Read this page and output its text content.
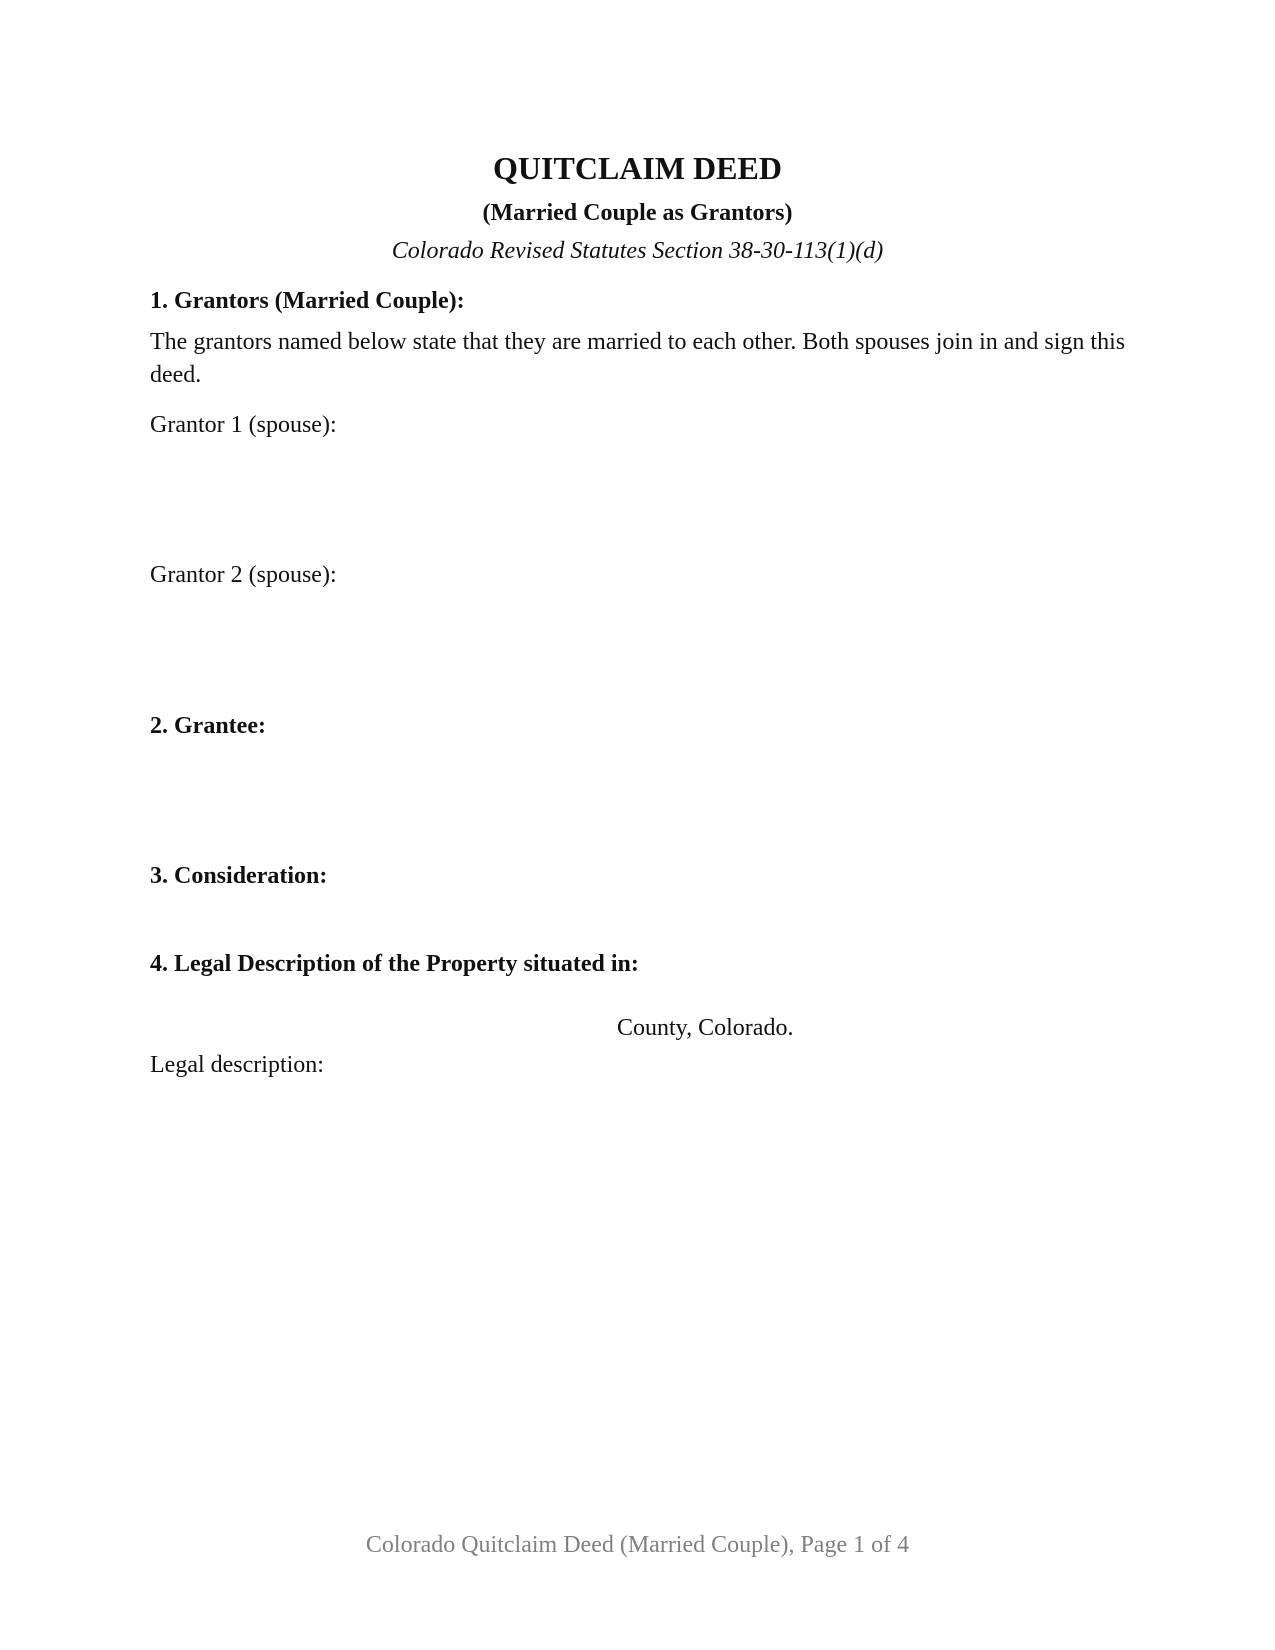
QUITCLAIM DEED
(Married Couple as Grantors)
Colorado Revised Statutes Section 38-30-113(1)(d)
1. Grantors (Married Couple):

The grantors named below state that they are married to each other. Both spouses join in and sign this deed.

Grantor 1 (spouse):
Grantor 2 (spouse):
2. Grantee:
3. Consideration:
4. Legal Description of the Property situated in:
County, Colorado.
Legal description:
Colorado Quitclaim Deed (Married Couple), Page 1 of 4
